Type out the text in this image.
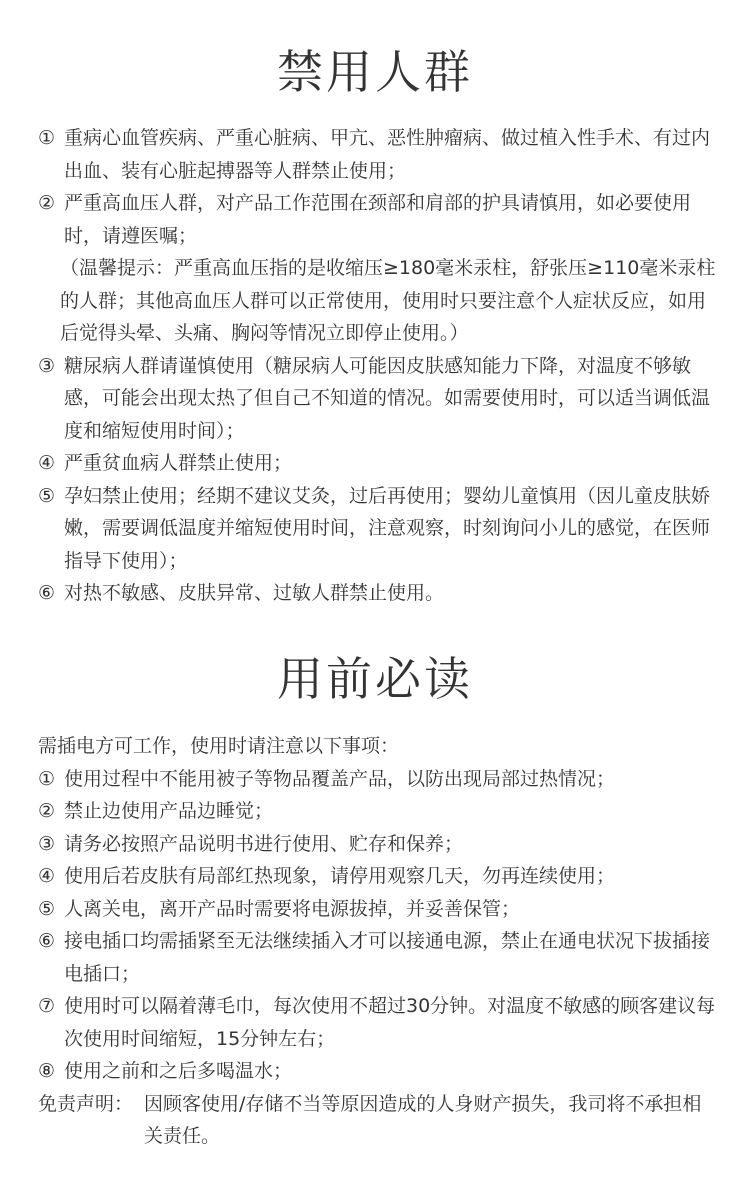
禁用人群
① 重病心血管疾病、严重心脏病、甲亢、恶性肿瘤病、做过植入性手术、有过内出血、装有心脏起搏器等人群禁止使用；
② 严重高血压人群，对产品工作范围在颈部和肩部的护具请慎用，如必要使用时，请遵医嘱；
（温馨提示：严重高血压指的是收缩压≥180毫米汞柱，舒张压≥110毫米汞柱的人群；其他高血压人群可以正常使用，使用时只要注意个人症状反应，如用后觉得头晕、头痛、胸闷等情况立即停止使用。）
③ 糖尿病人群请谨慎使用（糖尿病人可能因皮肤感知能力下降，对温度不够敏感，可能会出现太热了但自己不知道的情况。如需要使用时，可以适当调低温度和缩短使用时间）；
④ 严重贫血病人群禁止使用；
⑤ 孕妇禁止使用；经期不建议艾灸，过后再使用；婴幼儿童慎用（因儿童皮肤娇嫩，需要调低温度并缩短使用时间，注意观察，时刻询问小儿的感觉，在医师指导下使用）；
⑥ 对热不敏感、皮肤异常、过敏人群禁止使用。
用前必读
需插电方可工作，使用时请注意以下事项：
① 使用过程中不能用被子等物品覆盖产品，以防出现局部过热情况；
② 禁止边使用产品边睡觉；
③ 请务必按照产品说明书进行使用、贮存和保养；
④ 使用后若皮肤有局部红热现象，请停用观察几天，勿再连续使用；
⑤ 人离关电，离开产品时需要将电源拔掉，并妥善保管；
⑥ 接电插口均需插紧至无法继续插入才可以接通电源，禁止在通电状况下拔插接电插口；
⑦ 使用时可以隔着薄毛巾，每次使用不超过30分钟。对温度不敏感的顾客建议每次使用时间缩短，15分钟左右；
⑧ 使用之前和之后多喝温水；
免责声明： 因顾客使用/存储不当等原因造成的人身财产损失，我司将不承担相关责任。
